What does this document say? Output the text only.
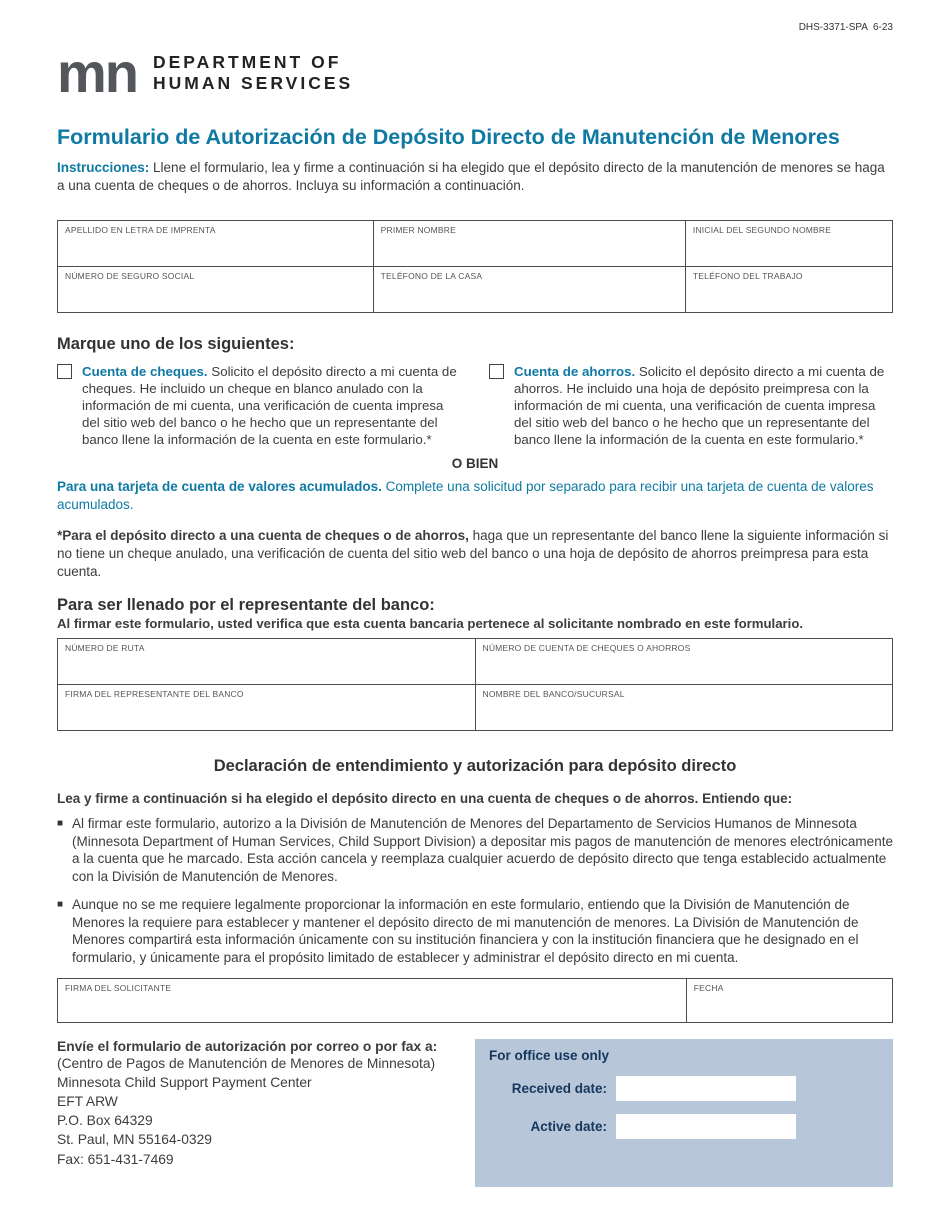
DHS-3371-SPA  6-23
mn DEPARTMENT OF
HUMAN SERVICES
Formulario de Autorización de Depósito Directo de Manutención de Menores

Instrucciones: Llene el formulario, lea y firme a continuación si ha elegido que el depósito directo de la manutención de menores se haga a una cuenta de cheques o de ahorros. Incluya su información a continuación.

APELLIDO EN LETRA DE IMPRENTA	PRIMER NOMBRE	INICIAL DEL SEGUNDO NOMBRE

NÚMERO DE SEGURO SOCIAL	TELÉFONO DE LA CASA	TELÉFONO DEL TRABAJO
Marque uno de los siguientes:
Cuenta de cheques. Solicito el depósito directo a mi cuenta de cheques. He incluido un cheque en blanco anulado con la información de mi cuenta, una verificación de cuenta impresa del sitio web del banco o he hecho que un representante del banco llene la información de la cuenta en este formulario.*
Cuenta de ahorros. Solicito el depósito directo a mi cuenta de ahorros. He incluido una hoja de depósito preimpresa con la información de mi cuenta, una verificación de cuenta impresa del sitio web del banco o he hecho que un representante del banco llene la información de la cuenta en este formulario.*
O BIEN

Para una tarjeta de cuenta de valores acumulados. Complete una solicitud por separado para recibir una tarjeta de cuenta de valores acumulados.

*Para el depósito directo a una cuenta de cheques o de ahorros, haga que un representante del banco llene la siguiente información si no tiene un cheque anulado, una verificación de cuenta del sitio web del banco o una hoja de depósito de ahorros preimpresa para esta cuenta.

Para ser llenado por el representante del banco:

Al firmar este formulario, usted verifica que esta cuenta bancaria pertenece al solicitante nombrado en este formulario.

NÚMERO DE RUTA	NÚMERO DE CUENTA DE CHEQUES O AHORROS

FIRMA DEL REPRESENTANTE DEL BANCO	NOMBRE DEL BANCO/SUCURSAL
Declaración de entendimiento y autorización para depósito directo

Lea y firme a continuación si ha elegido el depósito directo en una cuenta de cheques o de ahorros. Entiendo que:

■ Al firmar este formulario, autorizo a la División de Manutención de Menores del Departamento de Servicios Humanos de Minnesota (Minnesota Department of Human Services, Child Support Division) a depositar mis pagos de manutención de menores electrónicamente a la cuenta que he marcado. Esta acción cancela y reemplaza cualquier acuerdo de depósito directo que tenga establecido actualmente con la División de Manutención de Menores.

■ Aunque no se me requiere legalmente proporcionar la información en este formulario, entiendo que la División de Manutención de Menores la requiere para establecer y mantener el depósito directo de mi manutención de menores. La División de Manutención de Menores compartirá esta información únicamente con su institución financiera y con la institución financiera que he designado en el formulario, y únicamente para el propósito limitado de establecer y administrar el depósito directo en mi cuenta.

FIRMA DEL SOLICITANTE	FECHA

Envíe el formulario de autorización por correo o por fax a:

(Centro de Pagos de Manutención de Menores de Minnesota)

Minnesota Child Support Payment Center

EFT ARW

P.O. Box 64329

St. Paul, MN 55164-0329

Fax: 651-431-7469

For office use only
Received date:
Active date:
